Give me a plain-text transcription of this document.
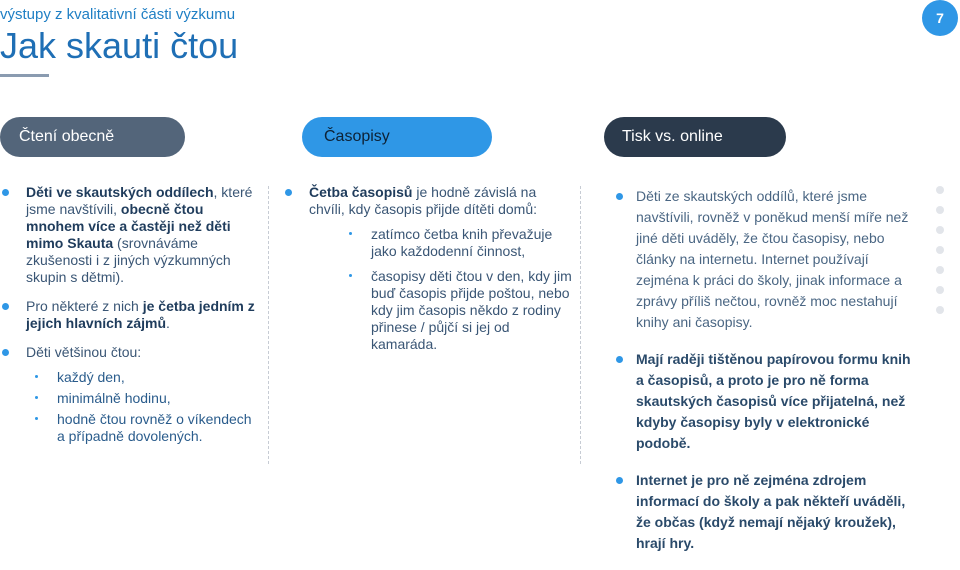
výstupy z kvalitativní části výzkumu
Jak skauti čtou
7
Čtení obecně	Časopisy	Tisk vs. online
Děti ve skautských oddílech, které jsme navštívili, obecně čtou mnohem více a častěji než děti mimo Skauta (srovnáváme zkušenosti i z jiných výzkumných skupin s dětmi).
Pro některé z nich je četba jedním z jejich hlavních zájmů.
Děti většinou čtou:
každý den,
minimálně hodinu,
hodně čtou rovněž o víkendech a případně dovolených.
Četba časopisů je hodně závislá na chvíli, kdy časopis přijde dítěti domů:
zatímco četba knih převažuje jako každodenní činnost,
časopisy děti čtou v den, kdy jim buď časopis přijde poštou, nebo kdy jim časopis někdo z rodiny přinese / půjčí si jej od kamaráda.
Děti ze skautských oddílů, které jsme navštívili, rovněž v poněkud menší míře než jiné děti uváděly, že čtou časopisy, nebo články na internetu. Internet používají zejména k práci do školy, jinak informace a zprávy příliš nečtou, rovněž moc nestahují knihy ani časopisy.
Mají raději tištěnou papírovou formu knih a časopisů, a proto je pro ně forma skautských časopisů více přijatelná, než kdyby časopisy byly v elektronické podobě.
Internet je pro ně zejména zdrojem informací do školy a pak někteří uváděli, že občas (když nemají nějaký kroužek), hrají hry.
